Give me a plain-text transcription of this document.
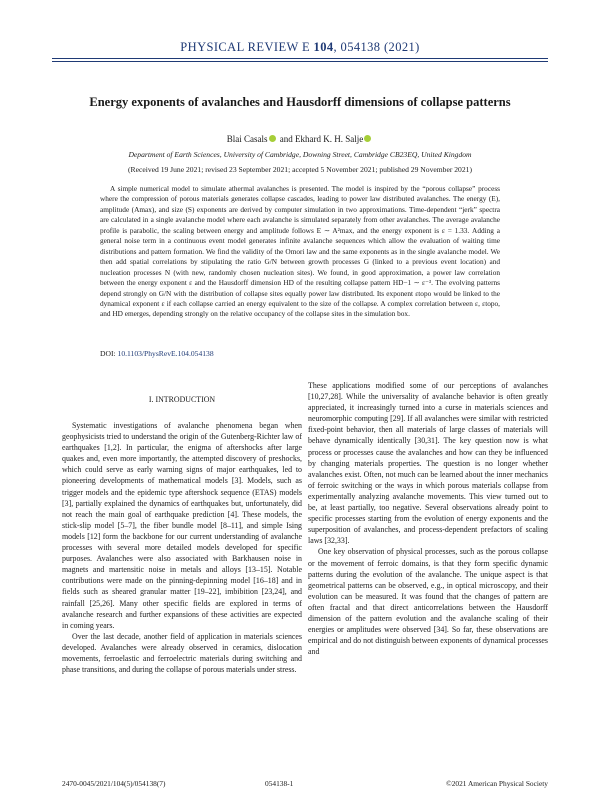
PHYSICAL REVIEW E 104, 054138 (2021)
Energy exponents of avalanches and Hausdorff dimensions of collapse patterns
Blai Casals and Ekhard K. H. Salje
Department of Earth Sciences, University of Cambridge, Downing Street, Cambridge CB23EQ, United Kingdom
(Received 19 June 2021; revised 23 September 2021; accepted 5 November 2021; published 29 November 2021)
A simple numerical model to simulate athermal avalanches is presented. The model is inspired by the “porous collapse” process where the compression of porous materials generates collapse cascades, leading to power law distributed avalanches. The energy (E), amplitude (Amax), and size (S) exponents are derived by computer simulation in two approximations. Time-dependent “jerk” spectra are calculated in a single avalanche model where each avalanche is simulated separately from other avalanches. The average avalanche profile is parabolic, the scaling between energy and amplitude follows E ∼ A²max, and the energy exponent is ε = 1.33. Adding a general noise term in a continuous event model generates infinite avalanche sequences which allow the evaluation of waiting time distributions and pattern formation. We find the validity of the Omori law and the same exponents as in the single avalanche model. We then add spatial correlations by stipulating the ratio G/N between growth processes G (linked to a previous event location) and nucleation processes N (with new, randomly chosen nucleation sites). We found, in good approximation, a power law correlation between the energy exponent ε and the Hausdorff dimension HD of the resulting collapse pattern HD−1 ∼ ε⁻³. The evolving patterns depend strongly on G/N with the distribution of collapse sites equally power law distributed. Its exponent εtopo would be linked to the dynamical exponent ε if each collapse carried an energy equivalent to the size of the collapse. A complex correlation between ε, εtopo, and HD emerges, depending strongly on the relative occupancy of the collapse sites in the simulation box.
DOI: 10.1103/PhysRevE.104.054138
I. INTRODUCTION

Systematic investigations of avalanche phenomena began when geophysicists tried to understand the origin of the Gutenberg-Richter law of earthquakes [1,2]. In particular, the enigma of aftershocks after large quakes and, even more importantly, the attempted discovery of preshocks, which could serve as early warning signs of major earthquakes, led to pioneering developments of mathematical models [3]. Models, such as trigger models and the epidemic type aftershock sequence (ETAS) models [3], partially explained the dynamics of earthquakes but, unfortunately, did not reach the main goal of earthquake prediction [4]. These models, the stick-slip model [5–7], the fiber bundle model [8–11], and simple Ising models [12] form the backbone for our current understanding of avalanche processes with several more detailed models developed for specific purposes. Avalanches were also associated with Barkhausen noise in magnets and martensitic noise in metals and alloys [13–15]. Notable contributions were made on the pinning-depinning model [16–18] and in fields such as sheared granular matter [19–22], imbibition [23,24], and rainfall [25,26]. Many other specific fields are explored in terms of avalanche research and further expansions of these activities are expected in coming years.

Over the last decade, another field of application in materials sciences developed. Avalanches were already observed in ceramics, dislocation movements, ferroelastic and ferroelectric materials during switching and phase transitions, and during the collapse of porous materials under stress.

These applications modified some of our perceptions of avalanches [10,27,28]. While the universality of avalanche behavior is often greatly appreciated, it increasingly turned into a curse in materials sciences and neuromorphic computing [29]. If all avalanches were similar with restricted fixed-point behavior, then all materials of large classes of materials will behave dynamically identically [30,31]. The key question now is what process or processes cause the avalanches and how can they be influenced by changing materials properties. The question is no longer whether avalanches exist. Often, not much can be learned about the inner mechanics of ferroic switching or the ways in which porous materials collapse from experimentally analyzing avalanche movements. This view turned out to be, at least partially, too negative. Several observations already point to specific processes starting from the evolution of energy exponents and the superposition of avalanches, and process-dependent prefactors of scaling laws [32,33].

One key observation of physical processes, such as the porous collapse or the movement of ferroic domains, is that they form specific dynamic patterns during the evolution of the avalanche. The unique aspect is that geometrical patterns can be observed, e.g., in optical microscopy, and their evolution can be measured. It was found that the changes of pattern are often fractal and that direct anticorrelations between the Hausdorff dimension of the pattern evolution and the avalanche scaling of their energies or amplitudes were observed [34]. So far, these observations are empirical and do not distinguish between exponents of dynamical processes and

2470-0045/2021/104(5)/054138(7)	054138-1	©2021 American Physical Society
